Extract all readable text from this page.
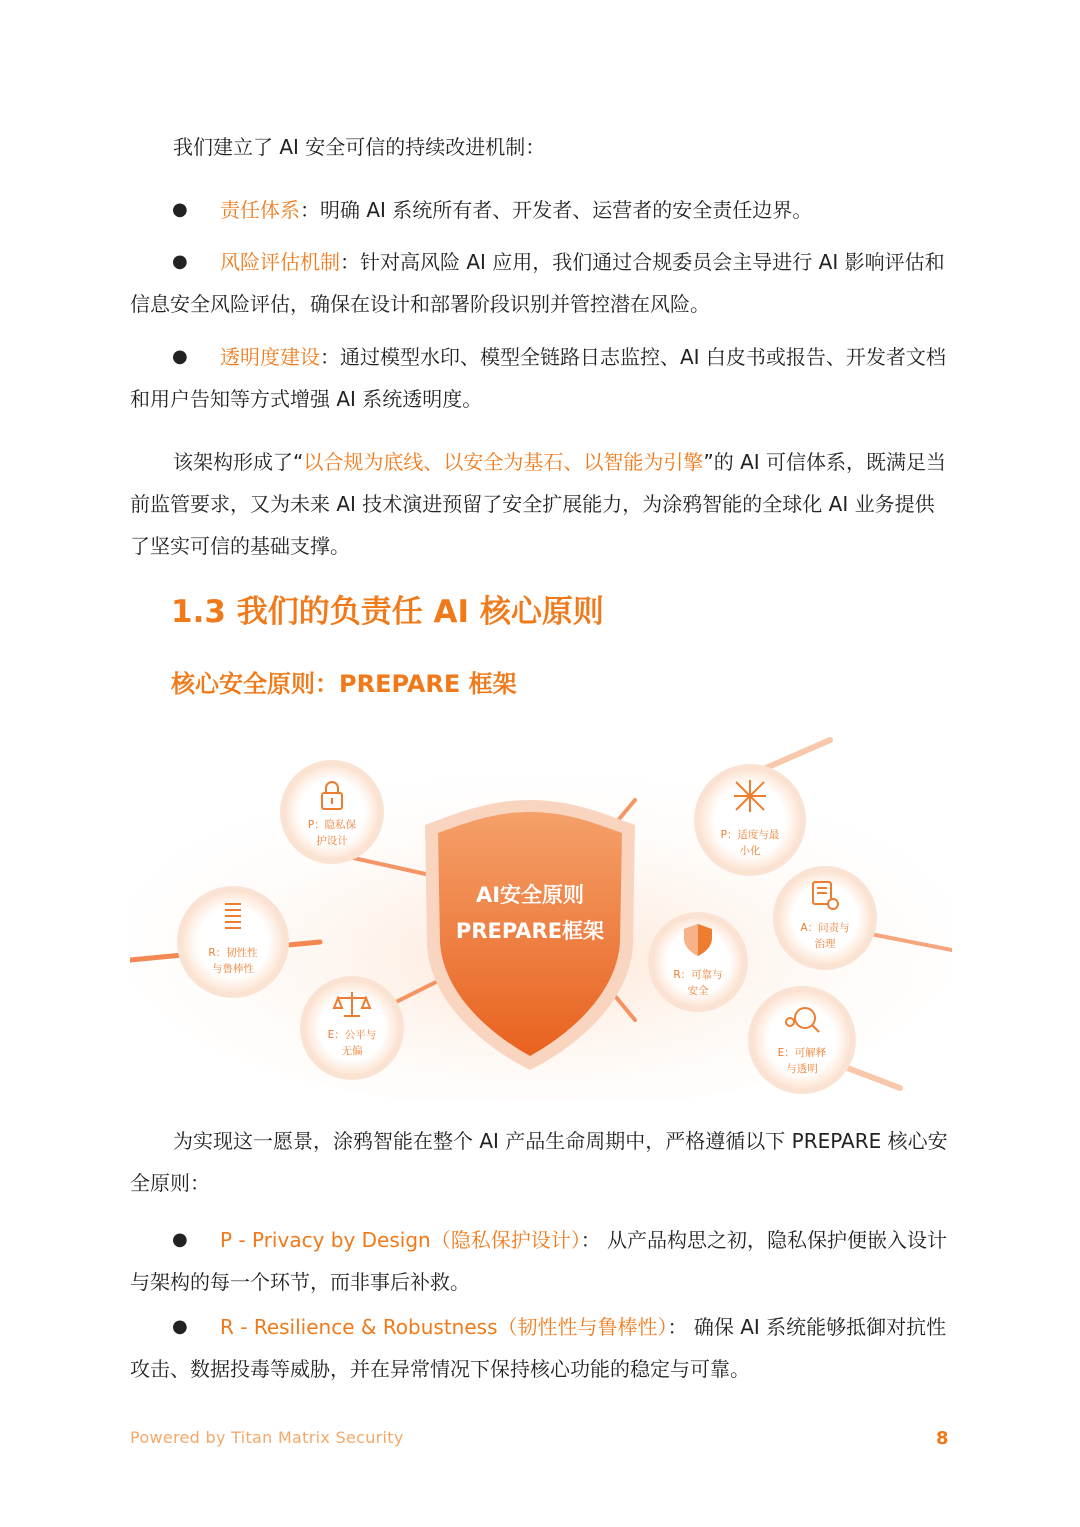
我们建立了 AI 安全可信的持续改进机制：
●	责任体系：明确 AI 系统所有者、开发者、运营者的安全责任边界。
●	风险评估机制：针对高风险 AI 应用，我们通过合规委员会主导进行 AI 影响评估和信息安全风险评估，确保在设计和部署阶段识别并管控潜在风险。
●	透明度建设：通过模型水印、模型全链路日志监控、AI 白皮书或报告、开发者文档和用户告知等方式增强 AI 系统透明度。
该架构形成了“以合规为底线、以安全为基石、以智能为引擎”的 AI 可信体系，既满足当前监管要求，又为未来 AI 技术演进预留了安全扩展能力，为涂鸦智能的全球化 AI 业务提供了坚实可信的基础支撑。
1.3 我们的负责任 AI 核心原则
核心安全原则：PREPARE 框架
AI安全原则
PREPARE框架
P：隐私保
护设计
R：韧性性
与鲁棒性
E：公平与
无偏
P：适度与最
小化
A：问责与
治理
R：可靠与
安全
E：可解释
与透明
为实现这一愿景，涂鸦智能在整个 AI 产品生命周期中，严格遵循以下 PREPARE 核心安全原则：
●	P - Privacy by Design（隐私保护设计）： 从产品构思之初，隐私保护便嵌入设计与架构的每一个环节，而非事后补救。
●	R - Resilience & Robustness（韧性性与鲁棒性）： 确保 AI 系统能够抵御对抗性攻击、数据投毒等威胁，并在异常情况下保持核心功能的稳定与可靠。
Powered by Titan Matrix Security	8
